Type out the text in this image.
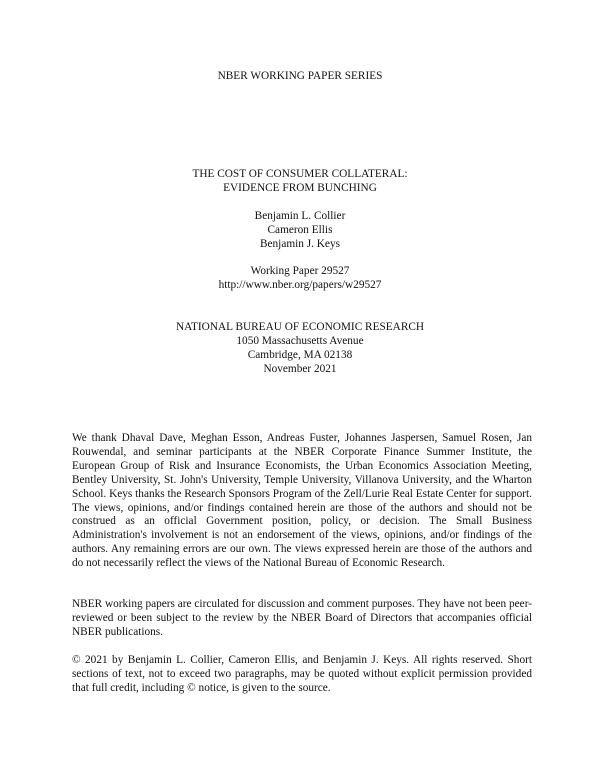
NBER WORKING PAPER SERIES
THE COST OF CONSUMER COLLATERAL:
EVIDENCE FROM BUNCHING
Benjamin L. Collier
Cameron Ellis
Benjamin J. Keys
Working Paper 29527
http://www.nber.org/papers/w29527
NATIONAL BUREAU OF ECONOMIC RESEARCH
1050 Massachusetts Avenue
Cambridge, MA 02138
November 2021

We thank Dhaval Dave, Meghan Esson, Andreas Fuster, Johannes Jaspersen, Samuel Rosen, Jan Rouwendal, and seminar participants at the NBER Corporate Finance Summer Institute, the European Group of Risk and Insurance Economists, the Urban Economics Association Meeting, Bentley University, St. John's University, Temple University, Villanova University, and the Wharton School. Keys thanks the Research Sponsors Program of the Zell/Lurie Real Estate Center for support. The views, opinions, and/or findings contained herein are those of the authors and should not be construed as an official Government position, policy, or decision. The Small Business Administration's involvement is not an endorsement of the views, opinions, and/or findings of the authors. Any remaining errors are our own. The views expressed herein are those of the authors and do not necessarily reflect the views of the National Bureau of Economic Research.

NBER working papers are circulated for discussion and comment purposes. They have not been peer-reviewed or been subject to the review by the NBER Board of Directors that accompanies official NBER publications.

© 2021 by Benjamin L. Collier, Cameron Ellis, and Benjamin J. Keys. All rights reserved. Short sections of text, not to exceed two paragraphs, may be quoted without explicit permission provided that full credit, including © notice, is given to the source.
